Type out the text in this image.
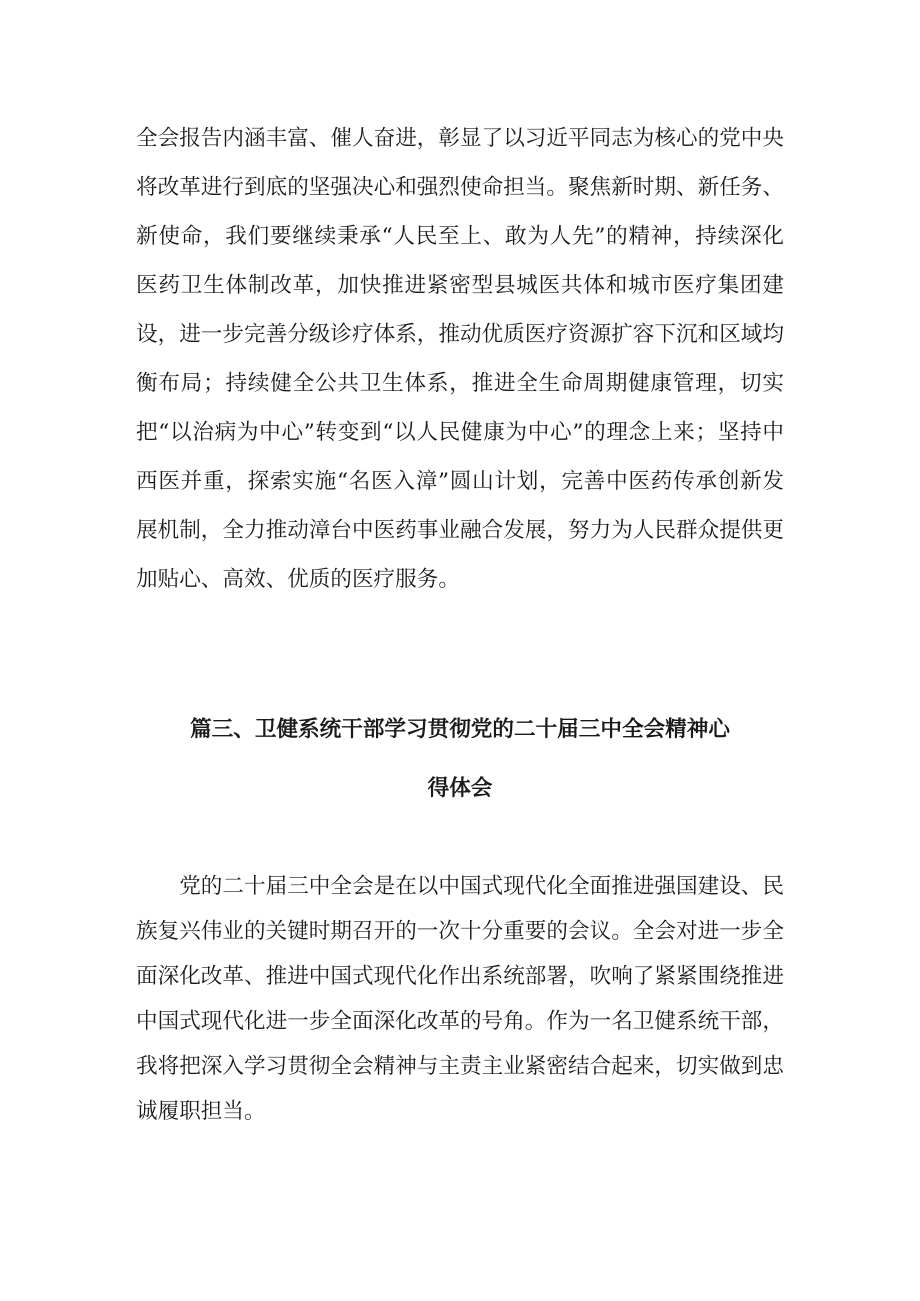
全会报告内涵丰富、催人奋进，彰显了以习近平同志为核心的党中央将改革进行到底的坚强决心和强烈使命担当。聚焦新时期、新任务、新使命，我们要继续秉承“人民至上、敢为人先”的精神，持续深化医药卫生体制改革，加快推进紧密型县城医共体和城市医疗集团建设，进一步完善分级诊疗体系，推动优质医疗资源扩容下沉和区域均衡布局；持续健全公共卫生体系，推进全生命周期健康管理，切实把“以治病为中心”转变到“以人民健康为中心”的理念上来；坚持中西医并重，探索实施“名医入漳”圆山计划，完善中医药传承创新发展机制，全力推动漳台中医药事业融合发展，努力为人民群众提供更加贴心、高效、优质的医疗服务。

篇三、卫健系统干部学习贯彻党的二十届三中全会精神心
得体会

党的二十届三中全会是在以中国式现代化全面推进强国建设、民族复兴伟业的关键时期召开的一次十分重要的会议。全会对进一步全面深化改革、推进中国式现代化作出系统部署，吹响了紧紧围绕推进中国式现代化进一步全面深化改革的号角。作为一名卫健系统干部，我将把深入学习贯彻全会精神与主责主业紧密结合起来，切实做到忠诚履职担当。
